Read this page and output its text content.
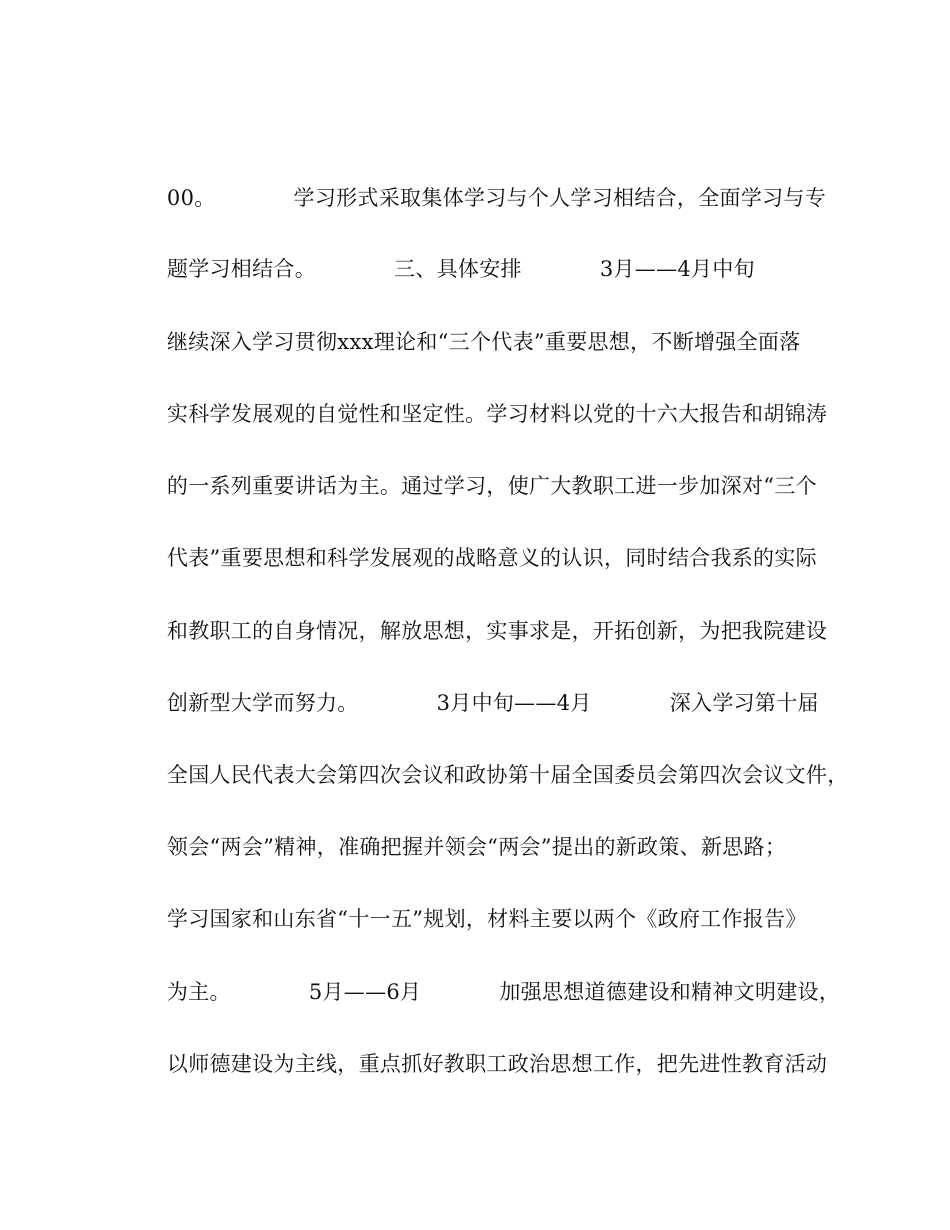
00。	学习形式采取集体学习与个人学习相结合，全面学习与专

题学习相结合。	三、具体安排	3月——4月中旬

继续深入学习贯彻xxx理论和“三个代表”重要思想，不断增强全面落

实科学发展观的自觉性和坚定性。学习材料以党的十六大报告和胡锦涛

的一系列重要讲话为主。通过学习，使广大教职工进一步加深对“三个

代表”重要思想和科学发展观的战略意义的认识，同时结合我系的实际

和教职工的自身情况，解放思想，实事求是，开拓创新，为把我院建设

创新型大学而努力。	3月中旬——4月	深入学习第十届

全国人民代表大会第四次会议和政协第十届全国委员会第四次会议文件，

领会“两会”精神，准确把握并领会“两会”提出的新政策、新思路；

学习国家和山东省“十一五”规划，材料主要以两个《政府工作报告》

为主。	5月——6月	加强思想道德建设和精神文明建设，

以师德建设为主线，重点抓好教职工政治思想工作，把先进性教育活动
